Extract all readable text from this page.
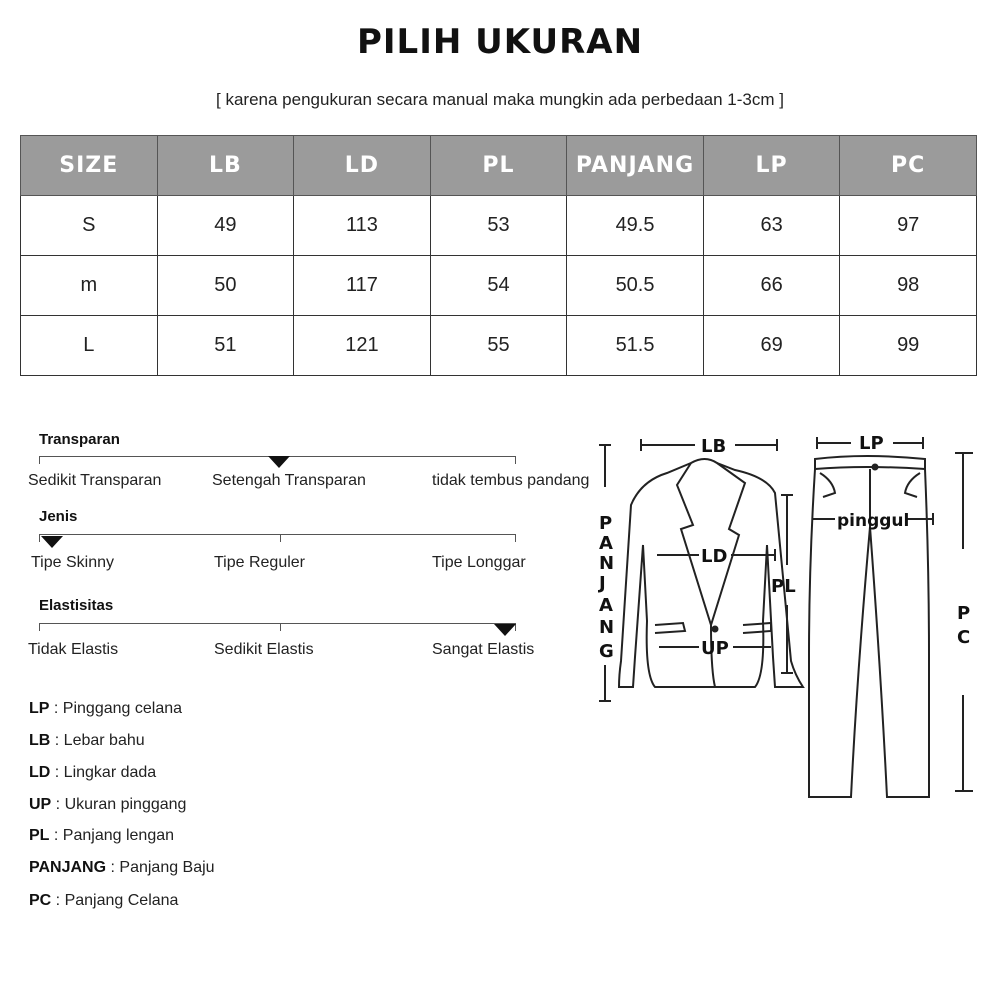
PILIH UKURAN
[ karena pengukuran secara manual maka mungkin ada perbedaan 1-3cm ]
SIZE	LB	LD	PL	PANJANG	LP	PC
S	49	113	53	49.5	63	97
m	50	117	54	50.5	66	98
L	51	121	55	51.5	69	99
Transparan
Sedikit Transparan	Setengah Transparan	tidak tembus pandang
Jenis
Tipe Skinny	Tipe Reguler	Tipe Longgar
Elastisitas
Tidak Elastis	Sedikit Elastis	Sangat Elastis
LP : Pinggang celana
LB : Lebar bahu
LD : Lingkar dada
UP : Ukuran pinggang
PL : Panjang lengan
PANJANG : Panjang Baju
PC : Panjang Celana
LB	LP
LD
UP
PL
pinggul
P
A
N
J
A
N
G
P
C
